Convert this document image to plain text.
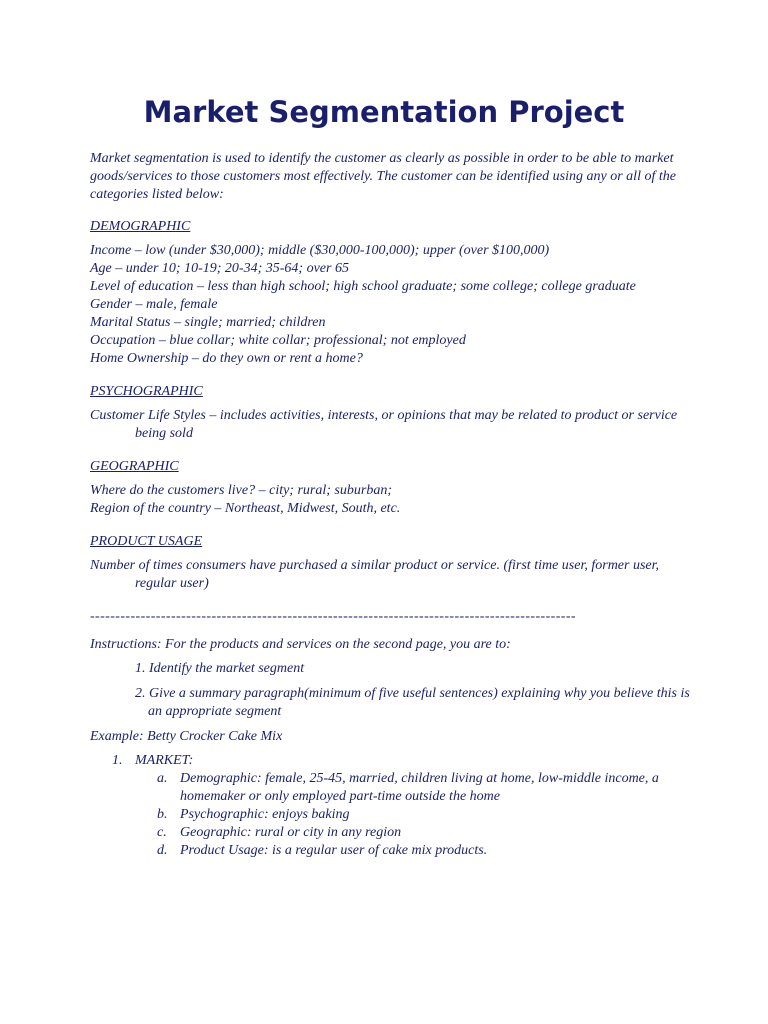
Market Segmentation Project

Market segmentation is used to identify the customer as clearly as possible in order to be able to market goods/services to those customers most effectively. The customer can be identified using any or all of the categories listed below:

DEMOGRAPHIC

Income – low (under $30,000); middle ($30,000-100,000); upper (over $100,000)

Age – under 10; 10-19; 20-34; 35-64; over 65

Level of education – less than high school; high school graduate; some college; college graduate

Gender – male, female

Marital Status – single; married; children

Occupation – blue collar; white collar; professional; not employed

Home Ownership – do they own or rent a home?

PSYCHOGRAPHIC

Customer Life Styles – includes activities, interests, or opinions that may be related to product or service being sold

GEOGRAPHIC

Where do the customers live? – city; rural; suburban;

Region of the country – Northeast, Midwest, South, etc.

PRODUCT USAGE

Number of times consumers have purchased a similar product or service. (first time user, former user, regular user)

------------------------------------------------------------------------------------------------

Instructions: For the products and services on the second page, you are to:

1. Identify the market segment
2. Give a summary paragraph(minimum of five useful sentences) explaining why you believe this is an appropriate segment

Example: Betty Crocker Cake Mix

1. MARKET:
a. Demographic: female, 25-45, married, children living at home, low-middle income, a homemaker or only employed part-time outside the home
b. Psychographic: enjoys baking
c. Geographic: rural or city in any region
d. Product Usage: is a regular user of cake mix products.
